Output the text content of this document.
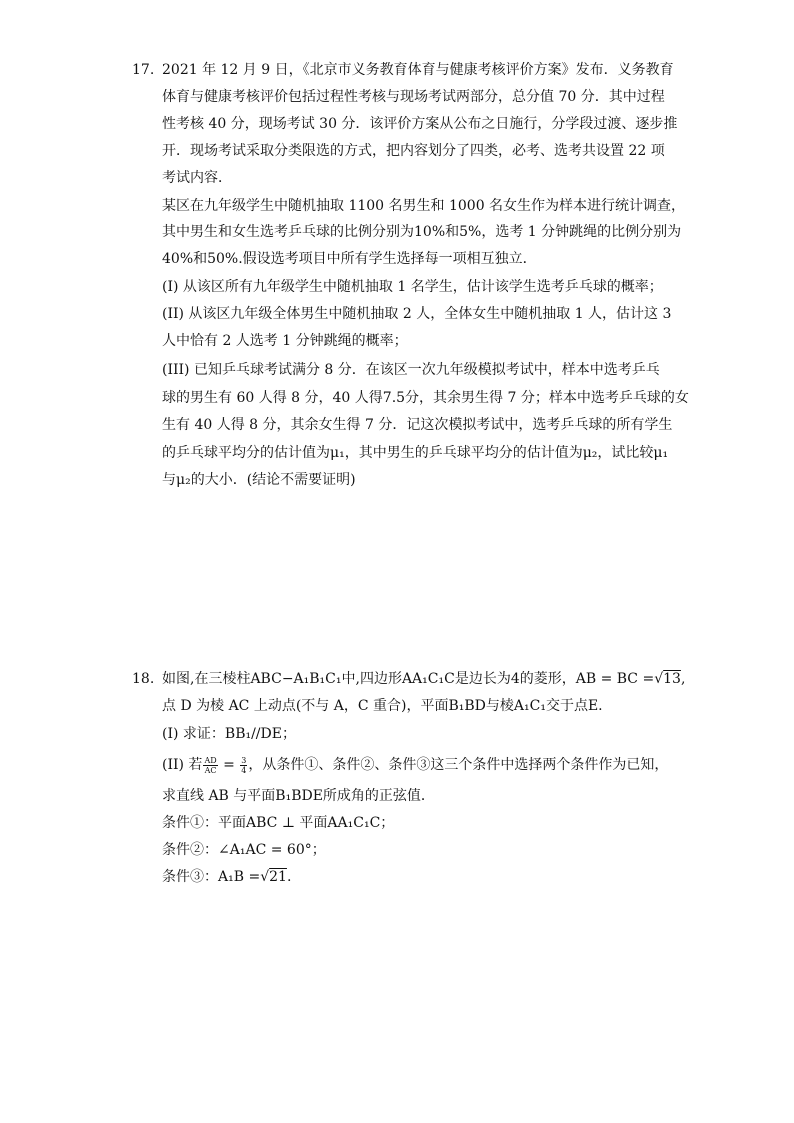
17. 2021 年 12 月 9 日，《北京市义务教育体育与健康考核评价方案》发布．义务教育
体育与健康考核评价包括过程性考核与现场考试两部分，总分值 70 分．其中过程
性考核 40 分，现场考试 30 分．该评价方案从公布之日施行，分学段过渡、逐步推
开．现场考试采取分类限选的方式，把内容划分了四类，必考、选考共设置 22 项
考试内容．
某区在九年级学生中随机抽取 1100 名男生和 1000 名女生作为样本进行统计调查，
其中男生和女生选考乒乓球的比例分别为10%和5%，选考 1 分钟跳绳的比例分别为
40%和50%.假设选考项目中所有学生选择每一项相互独立．
(I) 从该区所有九年级学生中随机抽取 1 名学生，估计该学生选考乒乓球的概率；
(II) 从该区九年级全体男生中随机抽取 2 人，全体女生中随机抽取 1 人，估计这 3
人中恰有 2 人选考 1 分钟跳绳的概率；
(III) 已知乒乓球考试满分 8 分．在该区一次九年级模拟考试中，样本中选考乒乓
球的男生有 60 人得 8 分，40 人得7.5分，其余男生得 7 分；样本中选考乒乓球的女
生有 40 人得 8 分，其余女生得 7 分．记这次模拟考试中，选考乒乓球的所有学生
的乒乓球平均分的估计值为μ₁，其中男生的乒乓球平均分的估计值为μ₂，试比较μ₁
与μ₂的大小．(结论不需要证明)
18. 如图,在三棱柱ABC−A₁B₁C₁中,四边形AA₁C₁C是边长为4的菱形，AB = BC =√13,
点 D 为棱 AC 上动点(不与 A，C 重合)，平面B₁BD与棱A₁C₁交于点E.
(I) 求证：BB₁//DE；
(II) 若 $\frac{AD}{AC} = \frac{3}{4}$ ，从条件①、条件②、条件③这三个条件中选择两个条件作为已知，
求直线 AB 与平面B₁BDE所成角的正弦值．
条件①：平面ABC ⊥ 平面AA₁C₁C；
条件②：∠A₁AC = 60°；
条件③：A₁B =√21.
